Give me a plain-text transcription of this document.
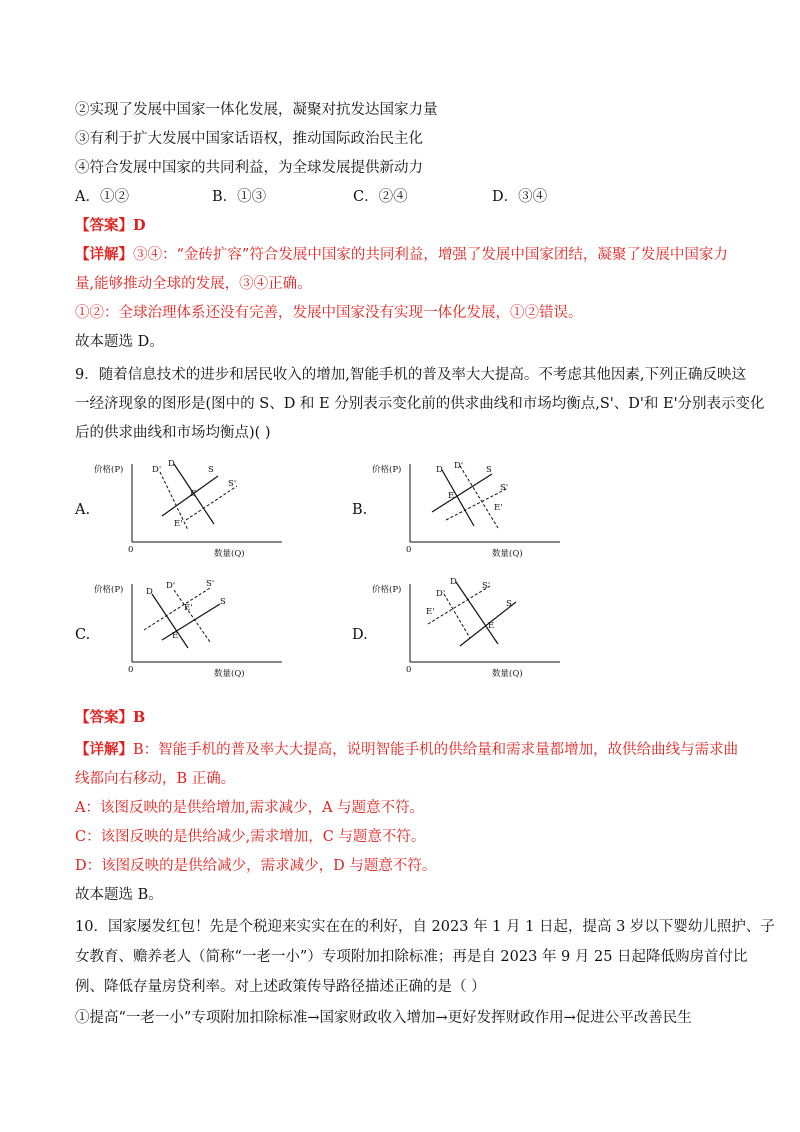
②实现了发展中国家一体化发展，凝聚对抗发达国家力量
③有利于扩大发展中国家话语权，推动国际政治民主化
④符合发展中国家的共同利益，为全球发展提供新动力
A．①②	B．①③	C．②④	D．③④
【答案】D
【详解】③④：“金砖扩容”符合发展中国家的共同利益，增强了发展中国家团结，凝聚了发展中国家力
量,能够推动全球的发展，③④正确。
①②：全球治理体系还没有完善，发展中国家没有实现一体化发展，①②错误。
故本题选 D。
9．随着信息技术的进步和居民收入的增加,智能手机的普及率大大提高。不考虑其他因素,下列正确反映这
一经济现象的图形是(图中的 S、D 和 E 分别表示变化前的供求曲线和市场均衡点,S'、D'和 E'分别表示变化
后的供求曲线和市场均衡点)( )
A.	B.
C.	D.
价格(P)
0	数量(Q)
D
D'	S
S'
E
E'
价格(P)
0	数量(Q)
D D'	S
S'
E
E'
价格(P)
0	数量(Q)
D
D'
S
S'
E
E'
价格(P)
0	数量(Q)
D
D'
S
S'
E
E'
【答案】B
【详解】B：智能手机的普及率大大提高，说明智能手机的供给量和需求量都增加，故供给曲线与需求曲
线都向右移动，B 正确。
A：该图反映的是供给增加,需求减少，A 与题意不符。
C：该图反映的是供给减少,需求增加，C 与题意不符。
D：该图反映的是供给减少，需求减少，D 与题意不符。
故本题选 B。
10．国家屡发红包！先是个税迎来实实在在的利好，自 2023 年 1 月 1 日起，提高 3 岁以下婴幼儿照护、子
女教育、赡养老人（简称“一老一小”）专项附加扣除标准；再是自 2023 年 9 月 25 日起降低购房首付比
例、降低存量房贷利率。对上述政策传导路径描述正确的是（ ）
①提高“一老一小”专项附加扣除标准→国家财政收入增加→更好发挥财政作用→促进公平改善民生
